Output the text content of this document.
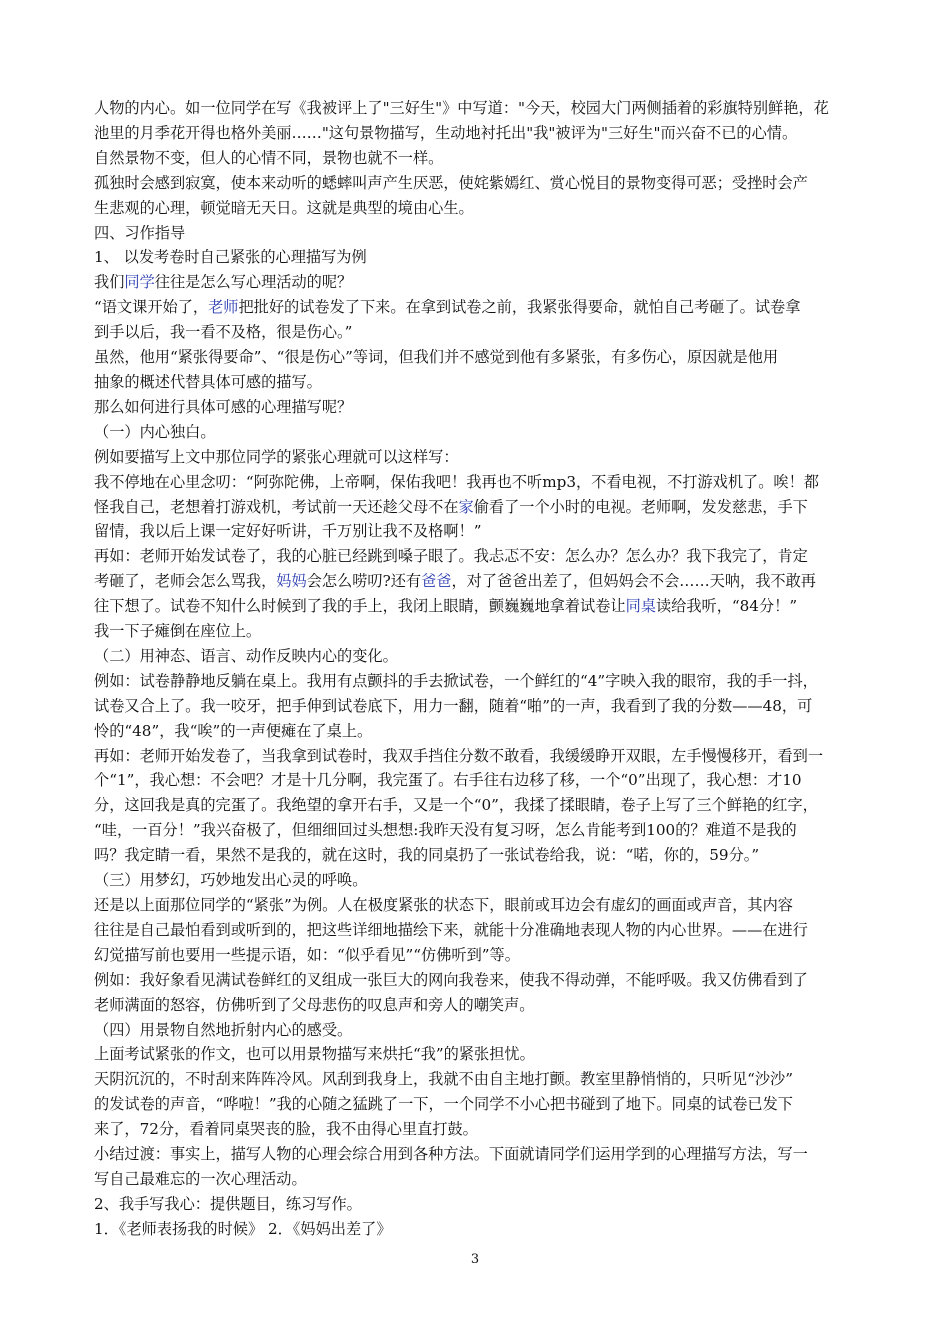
人物的内心。如一位同学在写《我被评上了"三好生"》中写道："今天，校园大门两侧插着的彩旗特别鲜艳，花
池里的月季花开得也格外美丽……"这句景物描写，生动地衬托出"我"被评为"三好生"而兴奋不已的心情。

自然景物不变，但人的心情不同，景物也就不一样。

孤独时会感到寂寞，使本来动听的蟋蟀叫声产生厌恶，使姹紫嫣红、赏心悦目的景物变得可恶；受挫时会产
生悲观的心理，顿觉暗无天日。这就是典型的境由心生。

四、习作指导

1、 以发考卷时自己紧张的心理描写为例

我们同学往往是怎么写心理活动的呢？

“语文课开始了，老师把批好的试卷发了下来。在拿到试卷之前，我紧张得要命，就怕自己考砸了。试卷拿
到手以后，我一看不及格，很是伤心。”

虽然，他用“紧张得要命”、“很是伤心”等词，但我们并不感觉到他有多紧张，有多伤心，原因就是他用
抽象的概述代替具体可感的描写。

那么如何进行具体可感的心理描写呢？

（一）内心独白。

例如要描写上文中那位同学的紧张心理就可以这样写：

我不停地在心里念叨：“阿弥陀佛，上帝啊，保佑我吧！我再也不听mp3，不看电视，不打游戏机了。唉！都
怪我自己，老想着打游戏机，考试前一天还趁父母不在家偷看了一个小时的电视。老师啊，发发慈悲，手下
留情，我以后上课一定好好听讲，千万别让我不及格啊！”

再如：老师开始发试卷了，我的心脏已经跳到嗓子眼了。我忐忑不安：怎么办？怎么办？我下我完了，肯定
考砸了，老师会怎么骂我，妈妈会怎么唠叨?还有爸爸，对了爸爸出差了，但妈妈会不会……天呐，我不敢再
往下想了。试卷不知什么时候到了我的手上，我闭上眼睛，颤巍巍地拿着试卷让同桌读给我听，“84分！”
我一下子瘫倒在座位上。

（二）用神态、语言、动作反映内心的变化。

例如：试卷静静地反躺在桌上。我用有点颤抖的手去掀试卷，一个鲜红的“4”字映入我的眼帘，我的手一抖，
试卷又合上了。我一咬牙，把手伸到试卷底下，用力一翻，随着“啪”的一声，我看到了我的分数——48，可
怜的“48”，我“唉”的一声便瘫在了桌上。

再如：老师开始发卷了，当我拿到试卷时，我双手挡住分数不敢看，我缓缓睁开双眼，左手慢慢移开，看到一
个“1”，我心想：不会吧？才是十几分啊，我完蛋了。右手往右边移了移，一个“0”出现了，我心想：才10
分，这回我是真的完蛋了。我绝望的拿开右手，又是一个“0”，我揉了揉眼睛，卷子上写了三个鲜艳的红字，
“哇，一百分！”我兴奋极了，但细细回过头想想:我昨天没有复习呀，怎么肯能考到100的？难道不是我的
吗？我定睛一看，果然不是我的，就在这时，我的同桌扔了一张试卷给我，说：“喏，你的，59分。”

（三）用梦幻，巧妙地发出心灵的呼唤。

还是以上面那位同学的“紧张”为例。人在极度紧张的状态下，眼前或耳边会有虚幻的画面或声音，其内容
往往是自己最怕看到或听到的，把这些详细地描绘下来，就能十分准确地表现人物的内心世界。——在进行
幻觉描写前也要用一些提示语，如：“似乎看见”“仿佛听到”等。

例如：我好象看见满试卷鲜红的叉组成一张巨大的网向我卷来，使我不得动弹，不能呼吸。我又仿佛看到了
老师满面的怒容，仿佛听到了父母悲伤的叹息声和旁人的嘲笑声。

（四）用景物自然地折射内心的感受。

上面考试紧张的作文，也可以用景物描写来烘托“我”的紧张担忧。

天阴沉沉的，不时刮来阵阵冷风。风刮到我身上，我就不由自主地打颤。教室里静悄悄的，只听见“沙沙”
的发试卷的声音，“哗啦！”我的心随之猛跳了一下，一个同学不小心把书碰到了地下。同桌的试卷已发下
来了，72分，看着同桌哭丧的脸，我不由得心里直打鼓。

小结过渡：事实上，描写人物的心理会综合用到各种方法。下面就请同学们运用学到的心理描写方法，写一
写自己最难忘的一次心理活动。

2、我手写我心：提供题目，练习写作。

1．《老师表扬我的时候》 2．《妈妈出差了》

3
